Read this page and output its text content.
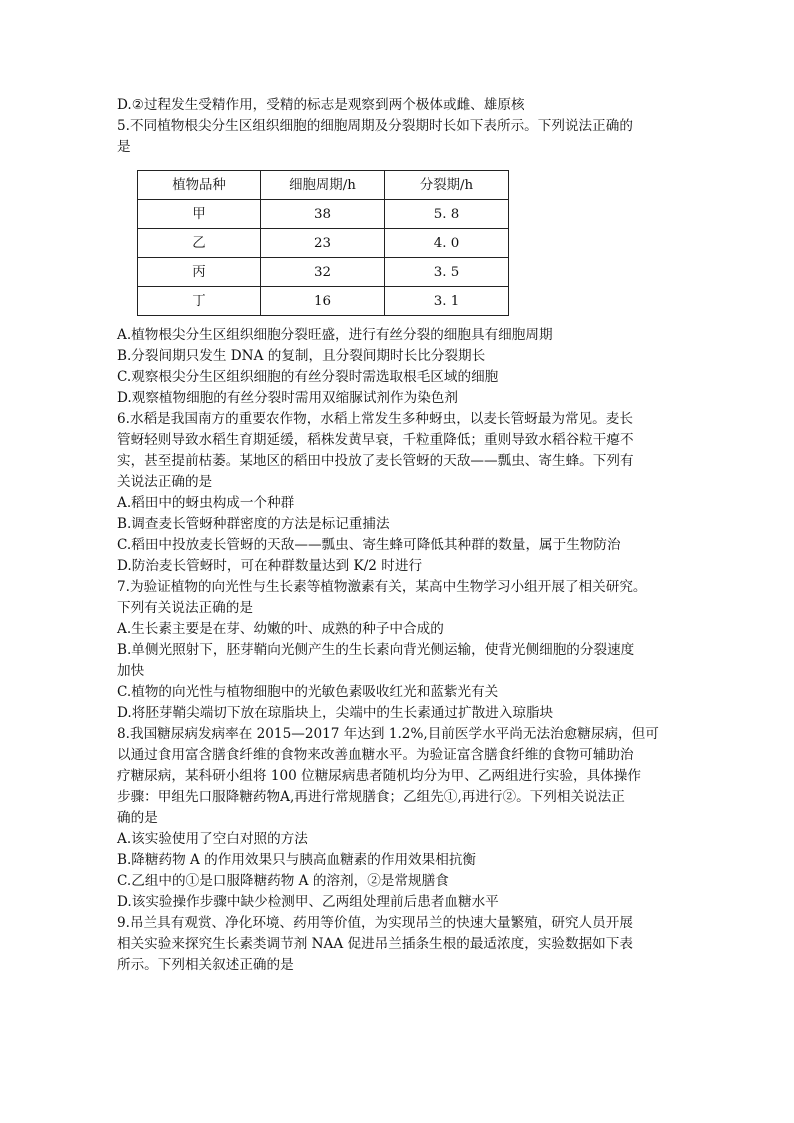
D.②过程发生受精作用，受精的标志是观察到两个极体或雌、雄原核
5.不同植物根尖分生区组织细胞的细胞周期及分裂期时长如下表所示。下列说法正确的
是
植物品种	细胞周期/h	分裂期/h
甲	38	5. 8
乙	23	4. 0
丙	32	3. 5
丁	16	3. 1
A.植物根尖分生区组织细胞分裂旺盛，进行有丝分裂的细胞具有细胞周期
B.分裂间期只发生 DNA 的复制，且分裂间期时长比分裂期长
C.观察根尖分生区组织细胞的有丝分裂时需选取根毛区域的细胞
D.观察植物细胞的有丝分裂时需用双缩脲试剂作为染色剂
6.水稻是我国南方的重要农作物，水稻上常发生多种蚜虫，以麦长管蚜最为常见。麦长
管蚜轻则导致水稻生育期延缓，稻株发黄早衰，千粒重降低；重则导致水稻谷粒干瘪不
实，甚至提前枯萎。某地区的稻田中投放了麦长管蚜的天敌——瓢虫、寄生蜂。下列有
关说法正确的是
A.稻田中的蚜虫构成一个种群
B.调查麦长管蚜种群密度的方法是标记重捕法
C.稻田中投放麦长管蚜的天敌——瓢虫、寄生蜂可降低其种群的数量，属于生物防治
D.防治麦长管蚜时，可在种群数量达到 K/2 时进行
7.为验证植物的向光性与生长素等植物激素有关，某高中生物学习小组开展了相关研究。
下列有关说法正确的是
A.生长素主要是在芽、幼嫩的叶、成熟的种子中合成的
B.单侧光照射下，胚芽鞘向光侧产生的生长素向背光侧运输，使背光侧细胞的分裂速度
加快
C.植物的向光性与植物细胞中的光敏色素吸收红光和蓝紫光有关
D.将胚芽鞘尖端切下放在琼脂块上，尖端中的生长素通过扩散进入琼脂块
8.我国糖尿病发病率在 2015—2017 年达到 1.2%,目前医学水平尚无法治愈糖尿病，但可
以通过食用富含膳食纤维的食物来改善血糖水平。为验证富含膳食纤维的食物可辅助治
疗糖尿病，某科研小组将 100 位糖尿病患者随机均分为甲、乙两组进行实验，具体操作
步骤：甲组先口服降糖药物A,再进行常规膳食；乙组先①,再进行②。下列相关说法正
确的是
A.该实验使用了空白对照的方法
B.降糖药物 A 的作用效果只与胰高血糖素的作用效果相抗衡
C.乙组中的①是口服降糖药物 A 的溶剂，②是常规膳食
D.该实验操作步骤中缺少检测甲、乙两组处理前后患者血糖水平
9.吊兰具有观赏、净化环境、药用等价值，为实现吊兰的快速大量繁殖，研究人员开展
相关实验来探究生长素类调节剂 NAA 促进吊兰插条生根的最适浓度，实验数据如下表
所示。下列相关叙述正确的是
